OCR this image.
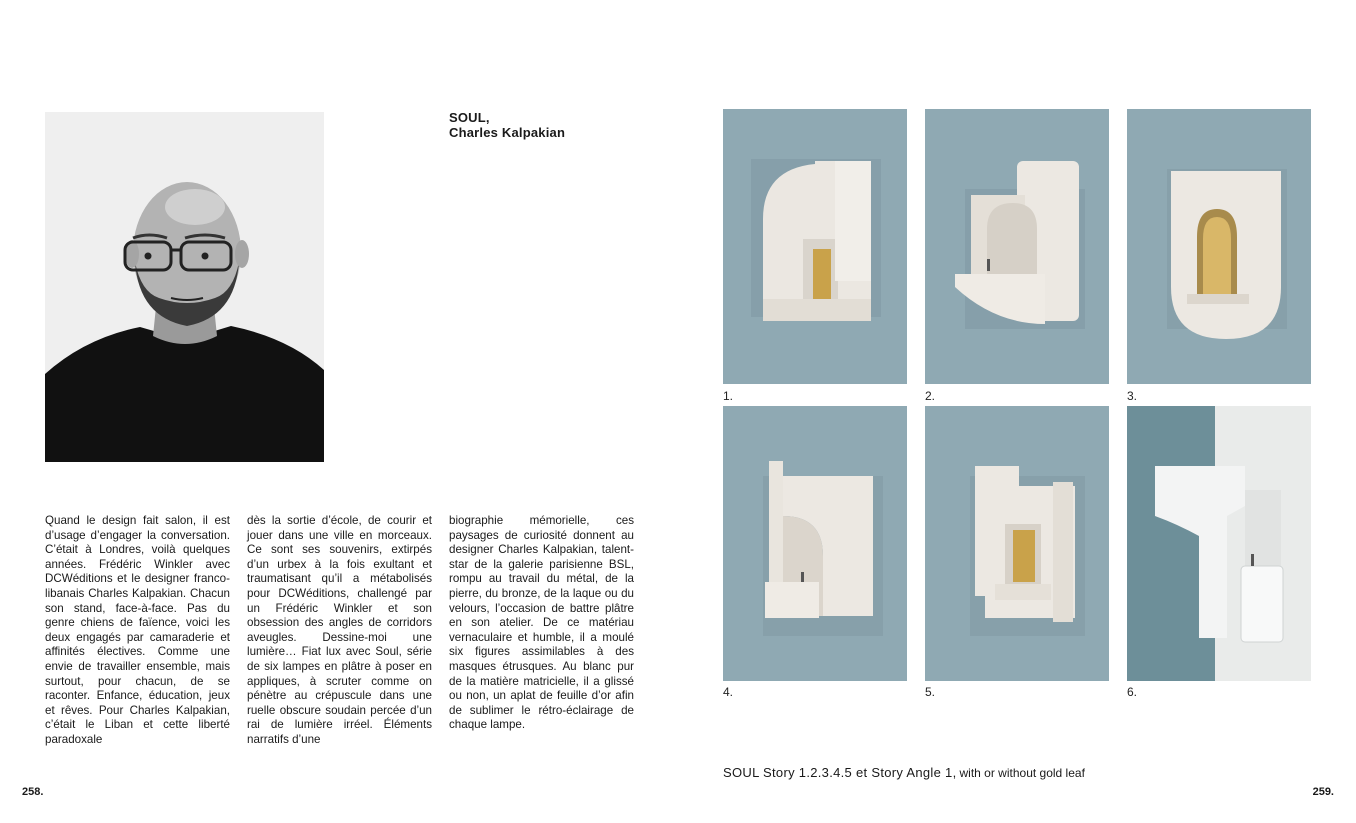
SOUL,
Charles Kalpakian

Quand le design fait salon, il est d’usage d’engager la conversation. C’était à Londres, voilà quelques années. Frédéric Winkler avec DCWéditions et le designer franco-libanais Charles Kalpakian. Chacun son stand, face-à-face. Pas du genre chiens de faïence, voici les deux engagés par camaraderie et affinités électives. Comme une envie de travailler ensemble, mais surtout, pour chacun, de se raconter. Enfance, éducation, jeux et rêves. Pour Charles Kalpakian, c’était le Liban et cette liberté paradoxale

dès la sortie d’école, de courir et jouer dans une ville en morceaux. Ce sont ses souvenirs, extirpés d’un urbex à la fois exultant et traumatisant qu’il a métabolisés pour DCWéditions, challengé par un Frédéric Winkler et son obsession des angles de corridors aveugles. Dessine-moi une lumière… Fiat lux avec Soul, série de six lampes en plâtre à poser en appliques, à scruter comme on pénètre au crépuscule dans une ruelle obscure soudain percée d’un rai de lumière irréel. Éléments narratifs d’une

biographie mémorielle, ces paysages de curiosité donnent au designer Charles Kalpakian, talent-star de la galerie parisienne BSL, rompu au travail du métal, de la pierre, du bronze, de la laque ou du velours, l’occasion de battre plâtre en son atelier. De ce matériau vernaculaire et humble, il a moulé six figures assimilables à des masques étrusques. Au blanc pur de la matière matricielle, il a glissé ou non, un aplat de feuille d’or afin de sublimer le rétro-éclairage de chaque lampe.

258.
1.	2.	3.
4.	5.	6.
SOUL Story 1.2.3.4.5 et Story Angle 1, with or without gold leaf
259.
